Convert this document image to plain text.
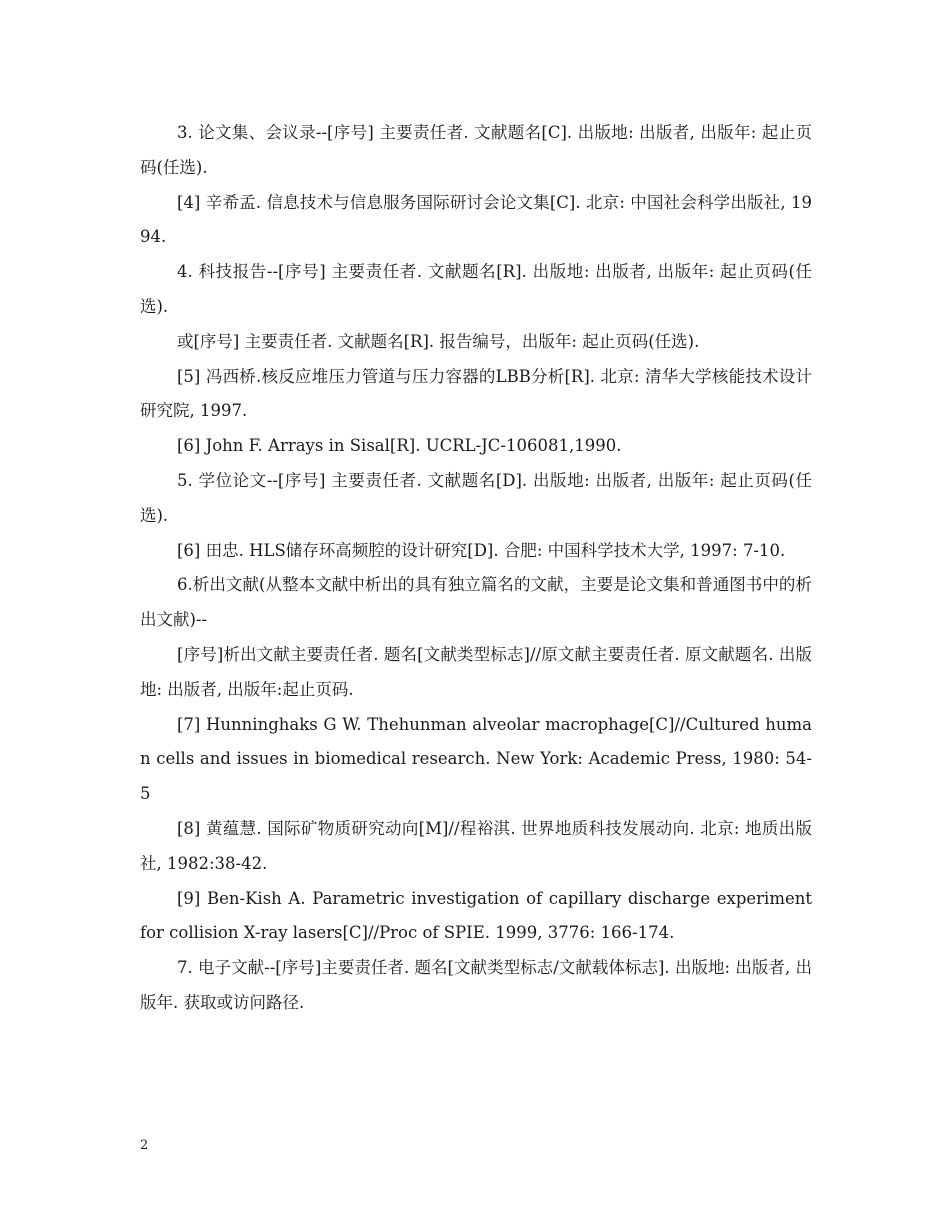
3. 论文集、会议录--[序号] 主要责任者. 文献题名[C]. 出版地: 出版者, 出版年: 起止页码(任选).

[4] 辛希孟. 信息技术与信息服务国际研讨会论文集[C]. 北京: 中国社会科学出版社, 1994.

4. 科技报告--[序号] 主要责任者. 文献题名[R]. 出版地: 出版者, 出版年: 起止页码(任选).

或[序号] 主要责任者. 文献题名[R]. 报告编号，出版年: 起止页码(任选).

[5] 冯西桥.核反应堆压力管道与压力容器的LBB分析[R]. 北京: 清华大学核能技术设计研究院, 1997.

[6] John F. Arrays in Sisal[R]. UCRL-JC-106081,1990.

5. 学位论文--[序号] 主要责任者. 文献题名[D]. 出版地: 出版者, 出版年: 起止页码(任选).

[6] 田忠. HLS储存环高频腔的设计研究[D]. 合肥: 中国科学技术大学, 1997: 7-10.

6.析出文献(从整本文献中析出的具有独立篇名的文献，主要是论文集和普通图书中的析出文献)--

[序号]析出文献主要责任者. 题名[文献类型标志]//原文献主要责任者. 原文献题名. 出版地: 出版者, 出版年:起止页码.

[7] Hunninghaks G W. Thehunman alveolar macrophage[C]//Cultured human cells and issues in biomedical research. New York: Academic Press, 1980: 54-5

[8] 黄蕴慧. 国际矿物质研究动向[M]//程裕淇. 世界地质科技发展动向. 北京: 地质出版社, 1982:38-42.

[9] Ben-Kish A. Parametric investigation of capillary discharge experiment for collision X-ray lasers[C]//Proc of SPIE. 1999, 3776: 166-174.

7. 电子文献--[序号]主要责任者. 题名[文献类型标志/文献载体标志]. 出版地: 出版者, 出版年. 获取或访问路径.

2
